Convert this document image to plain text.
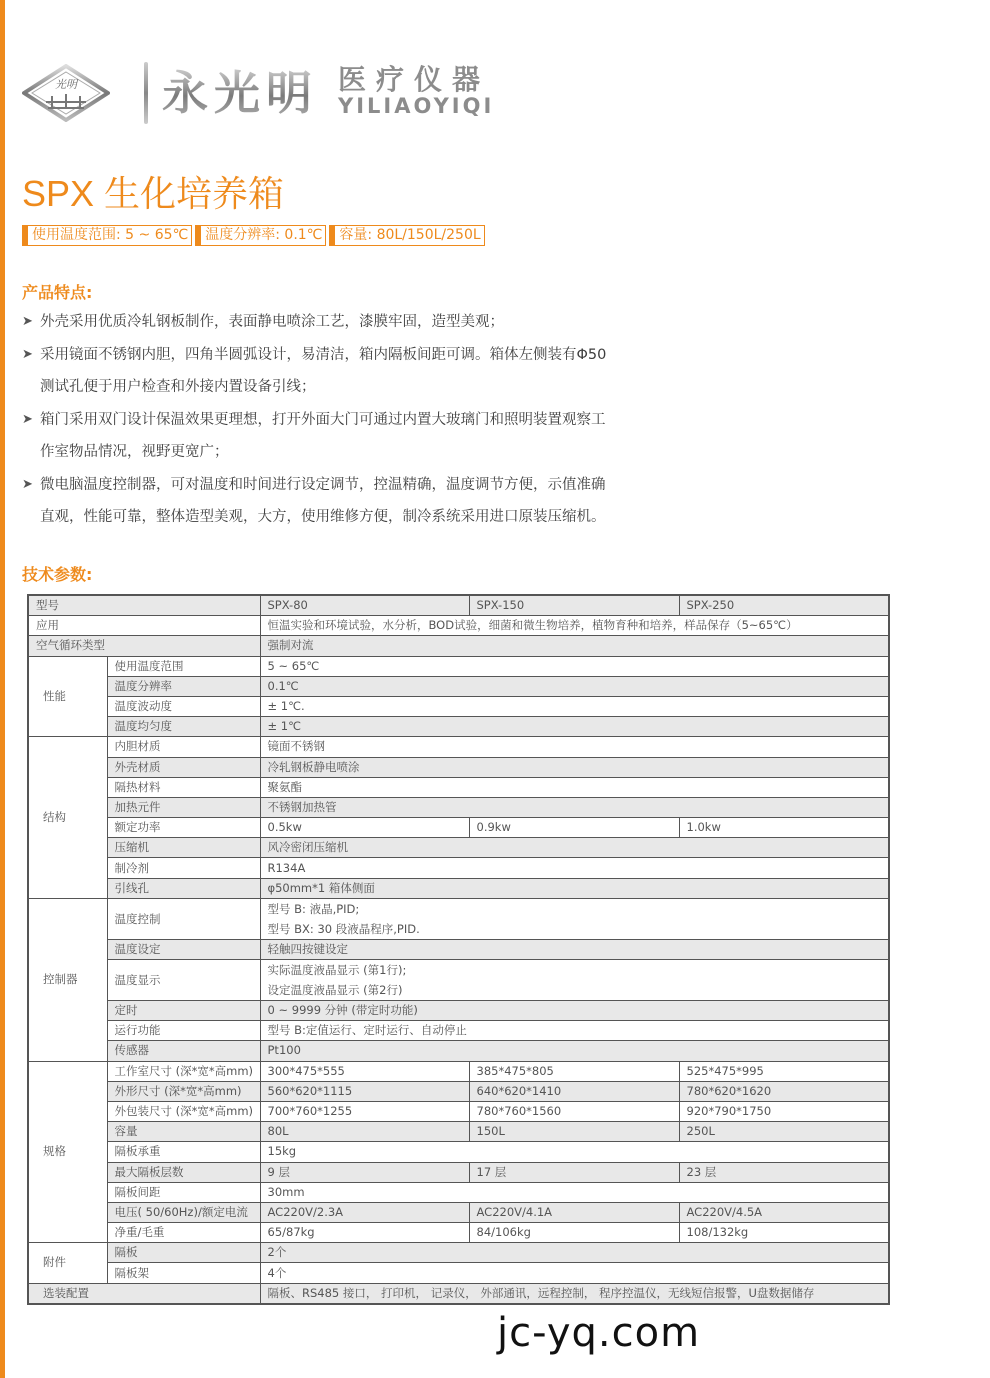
光明 永光明 医疗仪器
YILIAOYIQI
SPX 生化培养箱
使用温度范围: 5 ~ 65℃	温度分辨率: 0.1℃	容量: 80L/150L/250L
产品特点:
➤ 外壳采用优质冷轧钢板制作，表面静电喷涂工艺，漆膜牢固，造型美观；
➤ 采用镜面不锈钢内胆，四角半圆弧设计，易清洁，箱内隔板间距可调。箱体左侧装有Φ50
测试孔便于用户检查和外接内置设备引线；
➤ 箱门采用双门设计保温效果更理想，打开外面大门可通过内置大玻璃门和照明装置观察工
作室物品情况，视野更宽广；
➤ 微电脑温度控制器，可对温度和时间进行设定调节，控温精确，温度调节方便，示值准确
直观，性能可靠，整体造型美观，大方，使用维修方便，制冷系统采用进口原装压缩机。
技术参数:
型号		SPX-80	SPX-150	SPX-250
应用		恒温实验和环境试验，水分析，BOD试验，细菌和微生物培养，植物育种和培养，样品保存（5~65℃）		
空气循环类型		强制对流		
性能	使用温度范围	5 ~ 65℃		
	温度分辨率	0.1℃		
	温度波动度	± 1℃.		
	温度均匀度	± 1℃		
结构	内胆材质	镜面不锈钢		
	外壳材质	冷轧钢板静电喷涂		
	隔热材料	聚氨酯		
	加热元件	不锈钢加热管		
	额定功率	0.5kw	0.9kw	1.0kw
	压缩机	风冷密闭压缩机		
	制冷剂	R134A		
	引线孔	φ50mm*1 箱体侧面		
控制器	温度控制	型号 B: 液晶,PID;
型号 BX: 30 段液晶程序,PID.		

	温度设定	轻触四按键设定		
	温度显示	实际温度液晶显示 (第1行);
设定温度液晶显示 (第2行)		

	定时	0 ~ 9999 分钟 (带定时功能)		
	运行功能	型号 B:定值运行、定时运行、自动停止		
	传感器	Pt100		
规格	工作室尺寸 (深*宽*高mm)	300*475*555	385*475*805	525*475*995
	外形尺寸 (深*宽*高mm)	560*620*1115	640*620*1410	780*620*1620
	外包装尺寸 (深*宽*高mm)	700*760*1255	780*760*1560	920*790*1750
	容量	80L	150L	250L
	隔板承重	15kg		
	最大隔板层数	9 层	17 层	23 层
	隔板间距	30mm		
	电压( 50/60Hz)/额定电流	AC220V/2.3A	AC220V/4.1A	AC220V/4.5A
	净重/毛重	65/87kg	84/106kg	108/132kg
附件	隔板	2个		
	隔板架	4个		
选装配置		隔板、RS485 接口， 打印机， 记录仪， 外部通讯，远程控制， 程序控温仪，无线短信报警，U盘数据储存		
jc-yq.com
